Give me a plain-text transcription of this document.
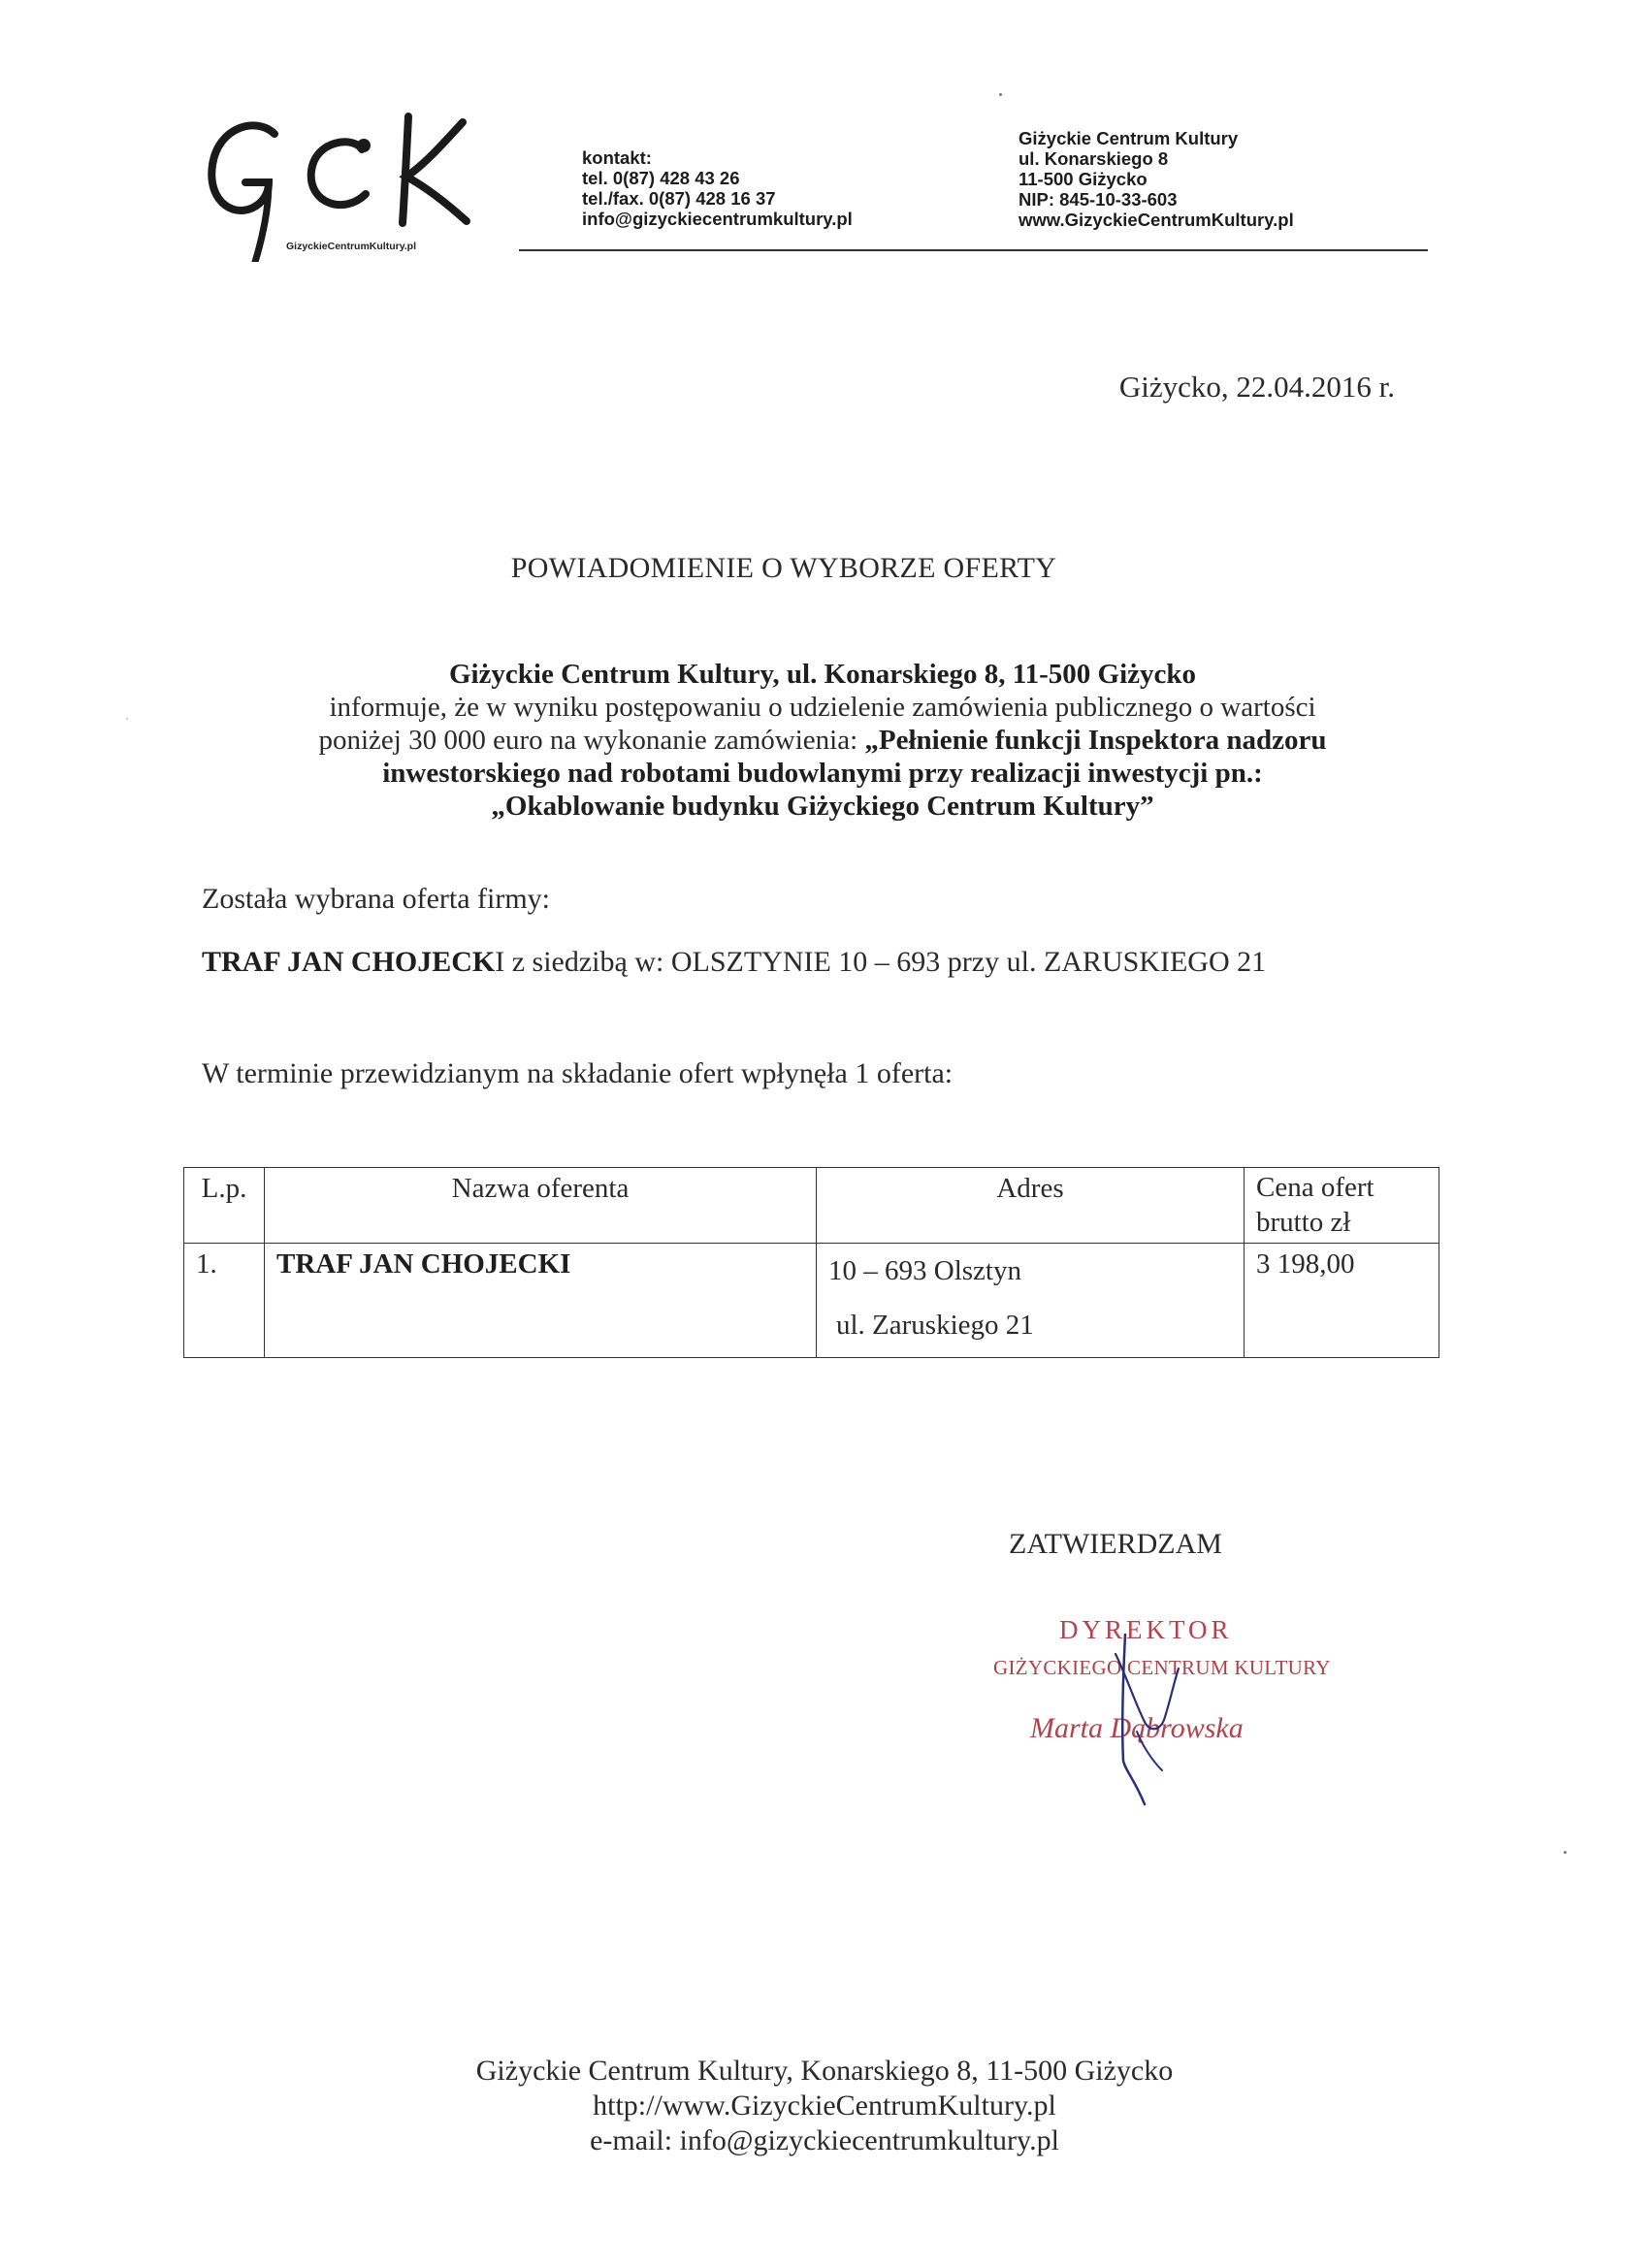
GizyckieCentrumKultury.pl
kontakt:
tel. 0(87) 428 43 26
tel./fax. 0(87) 428 16 37
info@gizyckiecentrumkultury.pl
Giżyckie Centrum Kultury
ul. Konarskiego 8
11-500 Giżycko
NIP: 845-10-33-603
www.GizyckieCentrumKultury.pl
Giżycko, 22.04.2016 r.
POWIADOMIENIE O WYBORZE OFERTY
Giżyckie Centrum Kultury, ul. Konarskiego 8, 11-500 Giżycko
informuje, że w wyniku postępowaniu o udzielenie zamówienia publicznego o wartości
poniżej 30 000 euro na wykonanie zamówienia: „Pełnienie funkcji Inspektora nadzoru
inwestorskiego nad robotami budowlanymi przy realizacji inwestycji pn.:
„Okablowanie budynku Giżyckiego Centrum Kultury”
Została wybrana oferta firmy:
TRAF JAN CHOJECKI z siedzibą w: OLSZTYNIE 10 – 693 przy ul. ZARUSKIEGO 21
W terminie przewidzianym na składanie ofert wpłynęła 1 oferta:
L.p.	Nazwa oferenta	Adres	Cena ofert
brutto zł

1.	TRAF JAN CHOJECKI	10 – 693 Olsztyn
ul. Zaruskiego 21	3 198,00
ZATWIERDZAM
DYREKTOR
GIŻYCKIEGO CENTRUM KULTURY
Marta Dąbrowska
Giżyckie Centrum Kultury, Konarskiego 8, 11-500 Giżycko
http://www.GizyckieCentrumKultury.pl
e-mail: info@gizyckiecentrumkultury.pl
